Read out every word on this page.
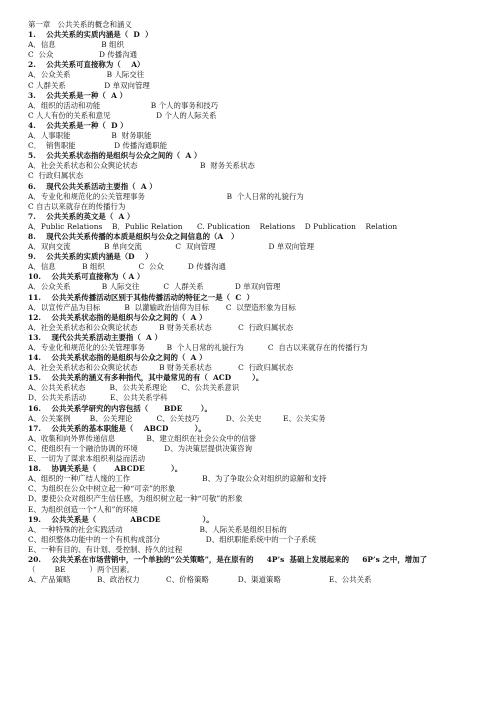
第一章   公共关系的概念和涵义
1.    公共关系的实质内涵是（  D  ）
A．信息                   B 组织
C  公众                   D 传播沟通
2.    公共关系可直接称为（    A）
A．公众关系               B 人际交往
C 人群关系                D 单双向管理
3.    公共关系是一种（  A ）
A．组织的活动和功能                     B 个人的事务和技巧
C 人人有份的关系和意见                   D 个人的人际关系
4.    公共关系是一种（  D ）
A．人事职能                 B  财务职能
C．  销售职能                D 传播沟通职能
5.    公共关系状态指的是组织与公众之间的（  A ）
A．社会关系状态和公众舆论状态                          B  财务关系状态
C  行政归属状态
6.    现代公共关系活动主要指（  A ）
A．专业化和规范化的公关管理事务                                  B  个人日常的礼貌行为
C 自古以来就存在的传播行为
7.    公共关系的英文是（  A ）
A．Public Relations    B．Public Relation      C. Publication    Relations    D Publication    Relation
8.    现代公共关系传播的本质是组织与公众之间信息的（A   ）
A．双向交流              B 单向交流              C  双向管理                      D 单双向管理
9.    公共关系的实质内涵是（D    ）
A．信息           B 组织              C  公众          D 传播沟通
10.    公共关系可直接称为（ A ）
A．公众关系             B 人际交往          C  人群关系             D 单双向管理
11.    公共关系传播活动区别于其他传播活动的特征之一是（  C  ）
A．以宣传产品为目标          B  以灌输政治信仰为目标       C  以塑造形象为目标
12.    公共关系状态指的是组织与公众之间的（  A ）
A．社会关系状态和公众舆论状态         B 财务关系状态           C  行政归属状态
13.    现代公共关系活动主要指（  A ）
A．专业化和规范化的公关管理事务         B  个人日常的礼貌行为          C  自古以来就存在的传播行为
14.    公共关系状态指的是组织与公众之间的（  A ）
A．社会关系状态和公众舆论状态         B 财务关系状态           C  行政归属状态
15.    公共关系的涵义有多种指代，其中最常见的有（  ACD        ）。
A、公共关系状态          B、公共关系理论      C、公共关系意识
D、公共关系活动          E、公共关系学科
16.    公共关系学研究的内容包括（      BDE       ）。
A、公关案例        B、公关理论          C、公关技巧           D、公关史         E、公关实务
17.    公共关系的基本职能是（    ABCD          ）。
A、收集和向外界传递信息             B、建立组织在社会公众中的信誉
C、使组织有一个融洽协调的环境           D、为决策层提供决策咨询
E、一切为了谋求本组织利益而活动
18.    协调关系是（       ABCDE          ）。
A、组织的一种广结人缘的工作                              B、为了争取公众对组织的谅解和支持
C、为组织在公众中树立起一种“可亲”的形象
D、要使公众对组织产生信任感，为组织树立起一种“可敬”的形象
E、为组织创造一个“人和”的环境
19.    公共关系是（             ABCDE                ）。
A、一种特殊的社会实践活动                                B、人际关系是组织目标的
C、组织整体功能中的一个有机构成部分                   D、组织职能系统中的一个子系统
E、一种有目的、有计划、受控制、持久的过程
20.    公共关系在市场营销中，一个单独的“公关策略”，是在原有的     4P’s  基础上发展起来的     6P’s 之中，增加了
（        BE          ）两个因素。
A、产品策略           B、政治权力           C、价格策略            D、渠道策略                    E、公共关系
